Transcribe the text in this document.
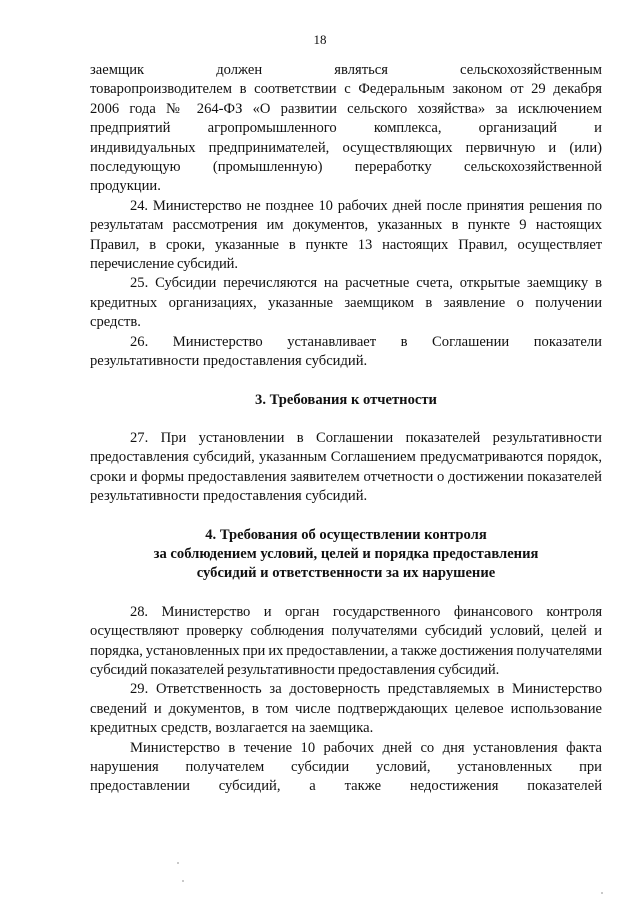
18
заемщик должен являться сельскохозяйственным
товаропроизводителем в соответствии с Федеральным законом от 29 декабря
2006 года № 264-ФЗ «О развитии сельского хозяйства» за исключением
предприятий агропромышленного комплекса, организаций и
индивидуальных предпринимателей, осуществляющих первичную и (или)
последующую (промышленную) переработку сельскохозяйственной
продукции.

24. Министерство не позднее 10 рабочих дней после принятия решения по результатам рассмотрения им документов, указанных в пункте 9 настоящих Правил, в сроки, указанные в пункте 13 настоящих Правил, осуществляет перечисление субсидий.

25. Субсидии перечисляются на расчетные счета, открытые заемщику в кредитных организациях, указанные заемщиком в заявление о получении средств.

26. Министерство устанавливает в Соглашении показатели результативности предоставления субсидий.

3. Требования к отчетности

27. При установлении в Соглашении показателей результативности предоставления субсидий, указанным Соглашением предусматриваются порядок, сроки и формы предоставления заявителем отчетности о достижении показателей результативности предоставления субсидий.

4. Требования об осуществлении контроля
за соблюдением условий, целей и порядка предоставления
субсидий и ответственности за их нарушение

28. Министерство и орган государственного финансового контроля осуществляют проверку соблюдения получателями субсидий условий, целей и порядка, установленных при их предоставлении, а также достижения получателями субсидий показателей результативности предоставления субсидий.

29. Ответственность за достоверность представляемых в Министерство сведений и документов, в том числе подтверждающих целевое использование кредитных средств, возлагается на заемщика.

Министерство в течение 10 рабочих дней со дня установления факта
нарушения получателем субсидии условий, установленных при
предоставлении субсидий, а также недостижения показателей
